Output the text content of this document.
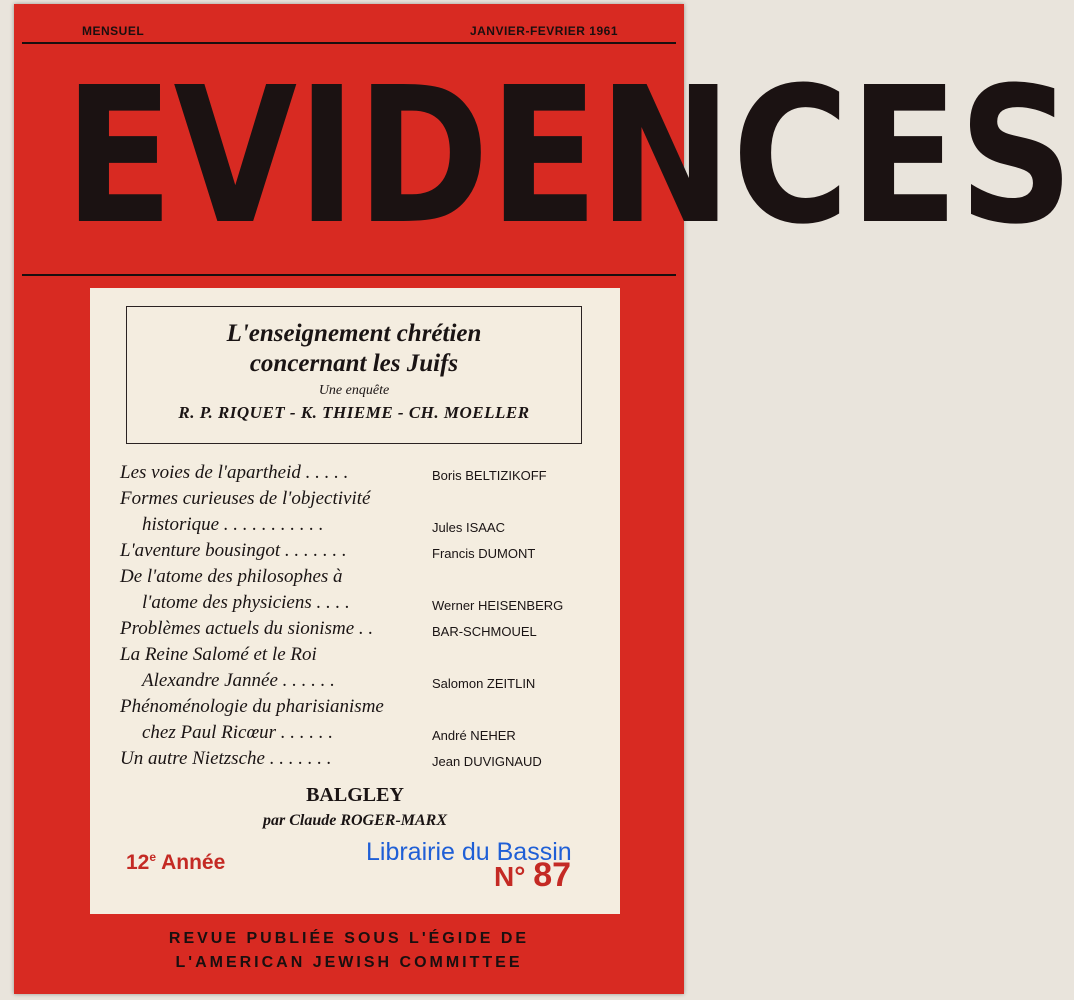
MENSUEL	JANVIER-FEVRIER 1961
EVIDENCES
L'enseignement chrétien
concernant les Juifs
Une enquête
R. P. RIQUET - K. THIEME - CH. MOELLER
Les voies de l'apartheid . . . . .	Boris BELTIZIKOFF
Formes curieuses de l'objectivité
historique . . . . . . . . . . .	Jules ISAAC
L'aventure bousingot . . . . . . .	Francis DUMONT
De l'atome des philosophes à
l'atome des physiciens . . . .	Werner HEISENBERG
Problèmes actuels du sionisme . .	BAR-SCHMOUEL
La Reine Salomé et le Roi
Alexandre Jannée . . . . . .	Salomon ZEITLIN
Phénoménologie du pharisianisme
chez Paul Ricœur . . . . . .	André NEHER
Un autre Nietzsche . . . . . . .	Jean DUVIGNAUD
BALGLEY
par Claude ROGER-MARX
12e Année	N° 87
REVUE PUBLIÉE SOUS L'ÉGIDE DE
L'AMERICAN JEWISH COMMITTEE
Librairie du Bassin
